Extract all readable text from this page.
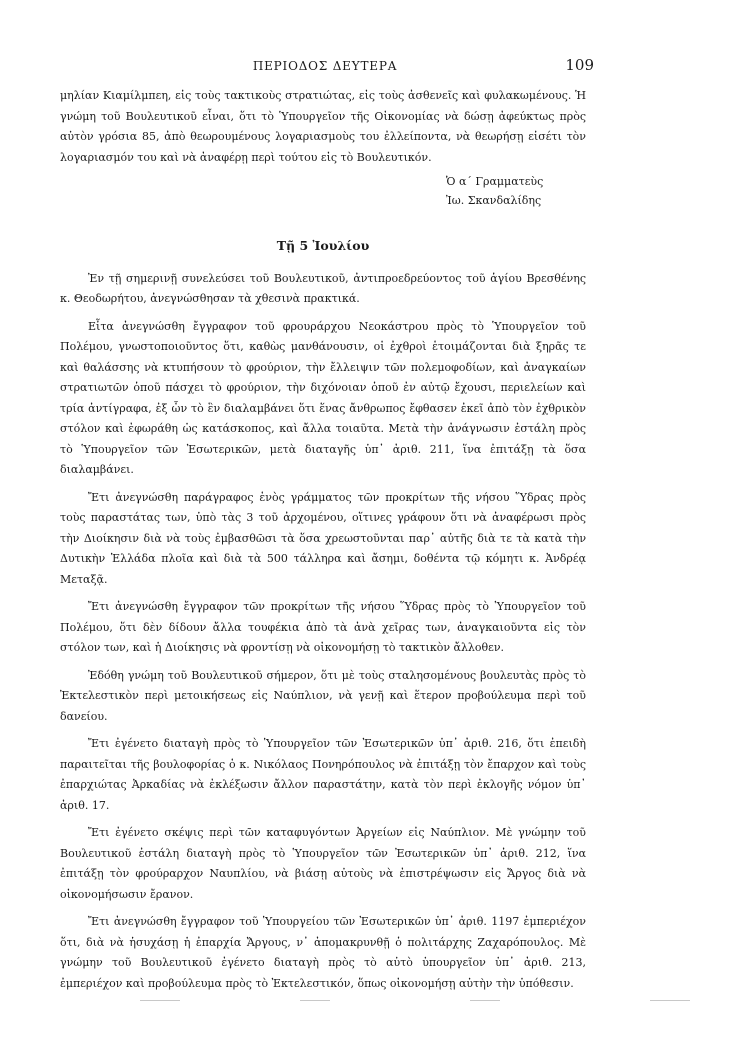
ΠΕΡΙΟΔΟΣ ΔΕΥΤΕΡΑ	109

μηλίαν Κιαμίλμπεη, εἰς τοὺς τακτικοὺς στρατιώτας, εἰς τοὺς ἀσθενεῖς καὶ φυλακωμένους. Ἡ γνώμη τοῦ Βουλευτικοῦ εἶναι, ὅτι τὸ Ὑπουργεῖον τῆς Οἰκονομίας νὰ δώσῃ ἀφεύκτως πρὸς αὐτὸν γρόσια 85, ἀπὸ θεωρουμένους λογαριασμοὺς του ἐλλείποντα, νὰ θεωρήσῃ εἰσέτι τὸν λογαριασμόν του καὶ νὰ ἀναφέρῃ περὶ τούτου εἰς τὸ Βουλευτικόν.

Ὁ α´ Γραμματεὺς
Ἰω. Σκανδαλίδης
Τῇ 5 Ἰουλίου

Ἐν τῇ σημερινῇ συνελεύσει τοῦ Βουλευτικοῦ, ἀντιπροεδρεύοντος τοῦ ἁγίου Βρεσθένης κ. Θεοδωρήτου, ἀνεγνώσθησαν τὰ χθεσινὰ πρακτικά.

Εἶτα ἀνεγνώσθη ἔγγραφον τοῦ φρουράρχου Νεοκάστρου πρὸς τὸ Ὑπουργεῖον τοῦ Πολέμου, γνωστοποιοῦντος ὅτι, καθὼς μανθάνουσιν, οἱ ἐχθροὶ ἑτοιμάζονται διὰ ξηρᾶς τε καὶ θαλάσσης νὰ κτυπήσουν τὸ φρούριον, τὴν ἔλλειψιν τῶν πολεμοφοδίων, καὶ ἀναγκαίων στρατιωτῶν ὁποῦ πάσχει τὸ φρούριον, τὴν διχόνοιαν ὁποῦ ἐν αὐτῷ ἔχουσι, περιελείων καὶ τρία ἀντίγραφα, ἐξ ὧν τὸ ἓν διαλαμβάνει ὅτι ἕνας ἄνθρωπος ἔφθασεν ἐκεῖ ἀπὸ τὸν ἐχθρικὸν στόλον καὶ ἐφωράθη ὡς κατάσκοπος, καὶ ἄλλα τοιαῦτα. Μετὰ τὴν ἀνάγνωσιν ἐστάλη πρὸς τὸ Ὑπουργεῖον τῶν Ἐσωτερικῶν, μετὰ διαταγῆς ὑπ᾽ ἀριθ. 211, ἵνα ἐπιτάξῃ τὰ ὅσα διαλαμβάνει.

Ἔτι ἀνεγνώσθη παράγραφος ἑνὸς γράμματος τῶν προκρίτων τῆς νήσου Ὕδρας πρὸς τοὺς παραστάτας των, ὑπὸ τὰς 3 τοῦ ἀρχομένου, οἵτινες γράφουν ὅτι νὰ ἀναφέρωσι πρὸς τὴν Διοίκησιν διὰ νὰ τοὺς ἐμβασθῶσι τὰ ὅσα χρεωστοῦνται παρ᾽ αὐτῆς διὰ τε τὰ κατὰ τὴν Δυτικὴν Ἑλλάδα πλοῖα καὶ διὰ τὰ 500 τάλληρα καὶ ἄσημι, δοθέντα τῷ κόμητι κ. Ἀνδρέᾳ Μεταξᾷ.

Ἔτι ἀνεγνώσθη ἔγγραφον τῶν προκρίτων τῆς νήσου Ὕδρας πρὸς τὸ Ὑπουργεῖον τοῦ Πολέμου, ὅτι δὲν δίδουν ἄλλα τουφέκια ἀπὸ τὰ ἀνὰ χεῖρας των, ἀναγκαιοῦντα εἰς τὸν στόλον των, καὶ ἡ Διοίκησις νὰ φροντίσῃ νὰ οἰκονομήσῃ τὸ τακτικὸν ἄλλοθεν.

Ἐδόθη γνώμη τοῦ Βουλευτικοῦ σήμερον, ὅτι μὲ τοὺς σταλησομένους βουλευτὰς πρὸς τὸ Ἐκτελεστικὸν περὶ μετοικήσεως εἰς Ναύπλιον, νὰ γενῇ καὶ ἕτερον προβούλευμα περὶ τοῦ δανείου.

Ἔτι ἐγένετο διαταγὴ πρὸς τὸ Ὑπουργεῖον τῶν Ἐσωτερικῶν ὑπ᾽ ἀριθ. 216, ὅτι ἐπειδὴ παραιτεῖται τῆς βουλοφορίας ὁ κ. Νικόλαος Πονηρόπουλος νὰ ἐπιτάξῃ τὸν ἔπαρχον καὶ τοὺς ἐπαρχιώτας Ἀρκαδίας νὰ ἐκλέξωσιν ἄλλον παραστάτην, κατὰ τὸν περὶ ἐκλογῆς νόμον ὑπ᾽ ἀριθ. 17.

Ἔτι ἐγένετο σκέψις περὶ τῶν καταφυγόντων Ἀργείων εἰς Ναύπλιον. Μὲ γνώμην τοῦ Βουλευτικοῦ ἐστάλη διαταγὴ πρὸς τὸ Ὑπουργεῖον τῶν Ἐσωτερικῶν ὑπ᾽ ἀριθ. 212, ἵνα ἐπιτάξῃ τὸν φρούραρχον Ναυπλίου, νὰ βιάσῃ αὐτοὺς νὰ ἐπιστρέψωσιν εἰς Ἄργος διὰ νὰ οἰκονομήσωσιν ἔρανον.

Ἔτι ἀνεγνώσθη ἔγγραφον τοῦ Ὑπουργείου τῶν Ἐσωτερικῶν ὑπ᾽ ἀριθ. 1197 ἐμπεριέχον ὅτι, διὰ νὰ ἡσυχάσῃ ἡ ἐπαρχία Ἄργους, ν᾽ ἀπομακρυνθῇ ὁ πολιτάρχης Ζαχαρόπουλος. Μὲ γνώμην τοῦ Βουλευτικοῦ ἐγένετο διαταγὴ πρὸς τὸ αὐτὸ ὑπουργεῖον ὑπ᾽ ἀριθ. 213, ἐμπεριέχον καὶ προβούλευμα πρὸς τὸ Ἐκτελεστικόν, ὅπως οἰκονομήσῃ αὐτὴν τὴν ὑπόθεσιν.
